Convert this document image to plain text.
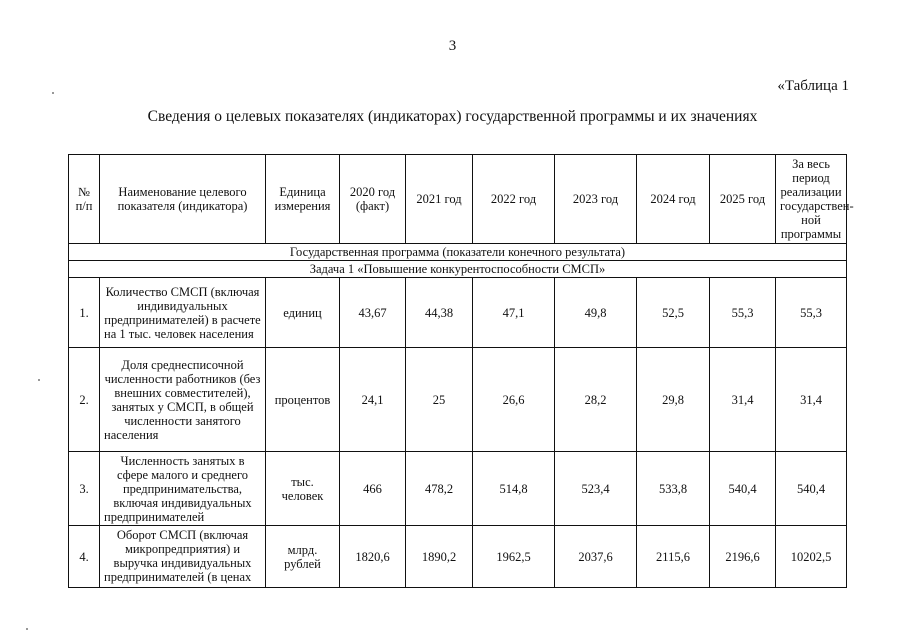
3
«Таблица 1
Сведения о целевых показателях (индикаторах) государственной программы и их значениях
№ п/п	Наименование целевого показателя (индикатора)	Единица измерения	2020 год (факт)	2021 год	2022 год	2023 год	2024 год	2025 год	За весь период реализации государствен-ной программы
Государственная программа (показатели конечного результата)									
Задача 1 «Повышение конкурентоспособности СМСП»									
1.	Количество СМСП (включая индивидуальных предпринимателей) в расчете на 1 тыс. человек населения	единиц	43,67	44,38	47,1	49,8	52,5	55,3	55,3
2.	Доля среднесписочной численности работников (без внешних совместителей), занятых у СМСП, в общей численности занятого населения	процентов	24,1	25	26,6	28,2	29,8	31,4	31,4
3.	Численность занятых в сфере малого и среднего предпринимательства, включая индивидуальных предпринимателей	тыс. человек	466	478,2	514,8	523,4	533,8	540,4	540,4
4.	Оборот СМСП (включая микропредприятия) и выручка индивидуальных предпринимателей (в ценах	млрд. рублей	1820,6	1890,2	1962,5	2037,6	2115,6	2196,6	10202,5
